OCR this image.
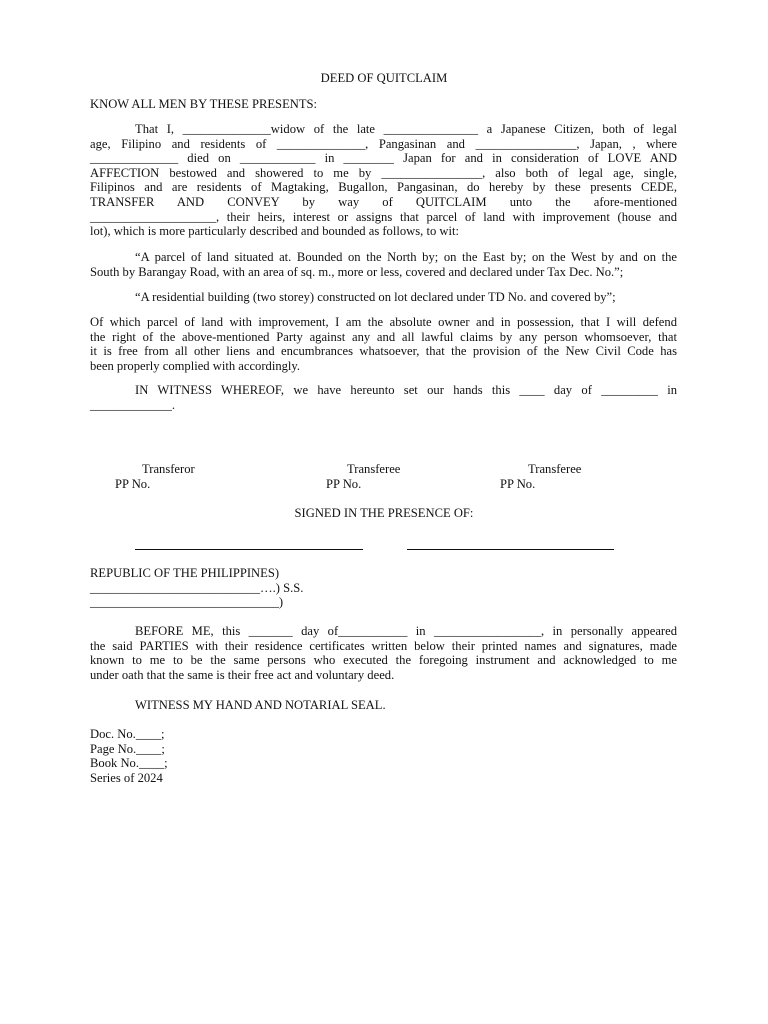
DEED OF QUITCLAIM
KNOW ALL MEN BY THESE PRESENTS:
That I, ______________widow of the late _______________ a Japanese Citizen, both of legal
age, Filipino and residents of ______________, Pangasinan and ________________, Japan, , where
______________ died on ____________ in ________ Japan for and in consideration of LOVE AND
AFFECTION bestowed and showered to me by ________________, also both of legal age, single,
Filipinos and are residents of Magtaking, Bugallon, Pangasinan, do hereby by these presents CEDE,
TRANSFER AND CONVEY by way of QUITCLAIM unto the afore-mentioned
____________________, their heirs, interest or assigns that parcel of land with improvement (house and
lot), which is more particularly described and bounded as follows, to wit:
“A parcel of land situated at. Bounded on the North by; on the East by; on the West by and on the
South by Barangay Road, with an area of sq. m., more or less, covered and declared under Tax Dec. No.”;
“A residential building (two storey) constructed on lot declared under TD No. and covered by”;
Of which parcel of land with improvement, I am the absolute owner and in possession, that I will defend
the right of the above-mentioned Party against any and all lawful claims by any person whomsoever, that
it is free from all other liens and encumbrances whatsoever, that the provision of the New Civil Code has
been properly complied with accordingly.
IN WITNESS WHEREOF, we have hereunto set our hands this ____ day of _________ in
_____________.
Transferor
PP No.
Transferee
PP No.
Transferee
PP No.
SIGNED IN THE PRESENCE OF:
REPUBLIC OF THE PHILIPPINES)
___________________________….) S.S.
______________________________)
BEFORE ME, this _______ day of___________ in _________________, in personally appeared
the said PARTIES with their residence certificates written below their printed names and signatures, made
known to me to be the same persons who executed the foregoing instrument and acknowledged to me
under oath that the same is their free act and voluntary deed.
WITNESS MY HAND AND NOTARIAL SEAL.
Doc. No.____;
Page No.____;
Book No.____;
Series of 2024
